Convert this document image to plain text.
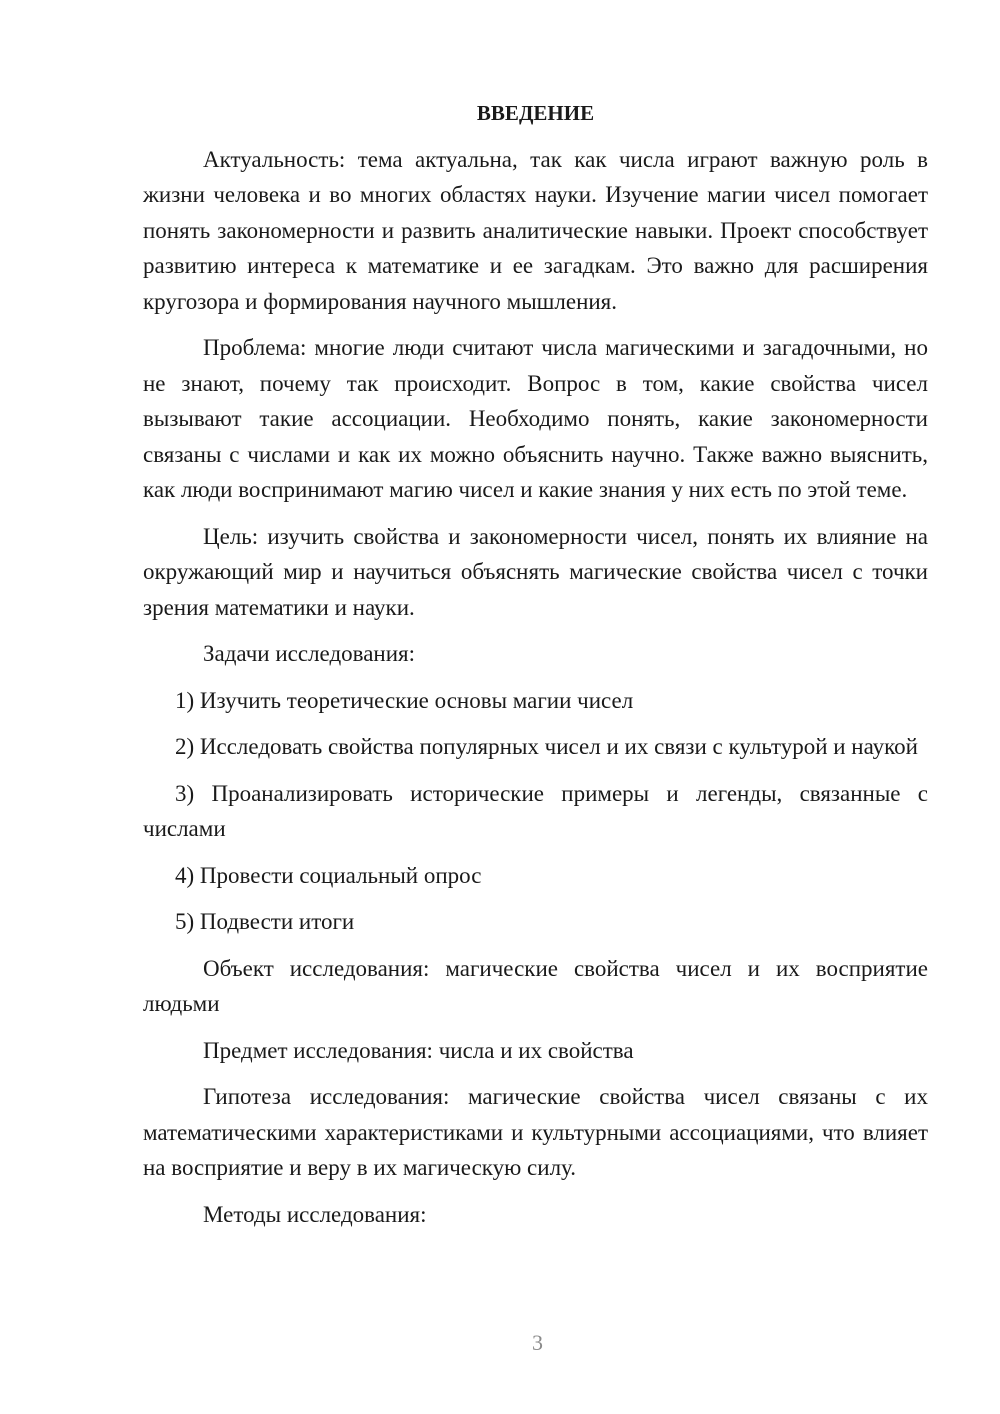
ВВЕДЕНИЕ

Актуальность: тема актуальна, так как числа играют важную роль в жизни человека и во многих областях науки. Изучение магии чисел помогает понять закономерности и развить аналитические навыки. Проект способствует развитию интереса к математике и ее загадкам. Это важно для расширения кругозора и формирования научного мышления.

Проблема: многие люди считают числа магическими и загадочными, но не знают, почему так происходит. Вопрос в том, какие свойства чисел вызывают такие ассоциации. Необходимо понять, какие закономерности связаны с числами и как их можно объяснить научно. Также важно выяснить, как люди воспринимают магию чисел и какие знания у них есть по этой теме.

Цель: изучить свойства и закономерности чисел, понять их влияние на окружающий мир и научиться объяснять магические свойства чисел с точки зрения математики и науки.

Задачи исследования:

1) Изучить теоретические основы магии чисел

2) Исследовать свойства популярных чисел и их связи с культурой и наукой

3) Проанализировать исторические примеры и легенды, связанные с числами

4) Провести социальный опрос

5) Подвести итоги

Объект исследования: магические свойства чисел и их восприятие людьми

Предмет исследования: числа и их свойства

Гипотеза исследования: магические свойства чисел связаны с их математическими характеристиками и культурными ассоциациями, что влияет на восприятие и веру в их магическую силу.

Методы исследования:

3
